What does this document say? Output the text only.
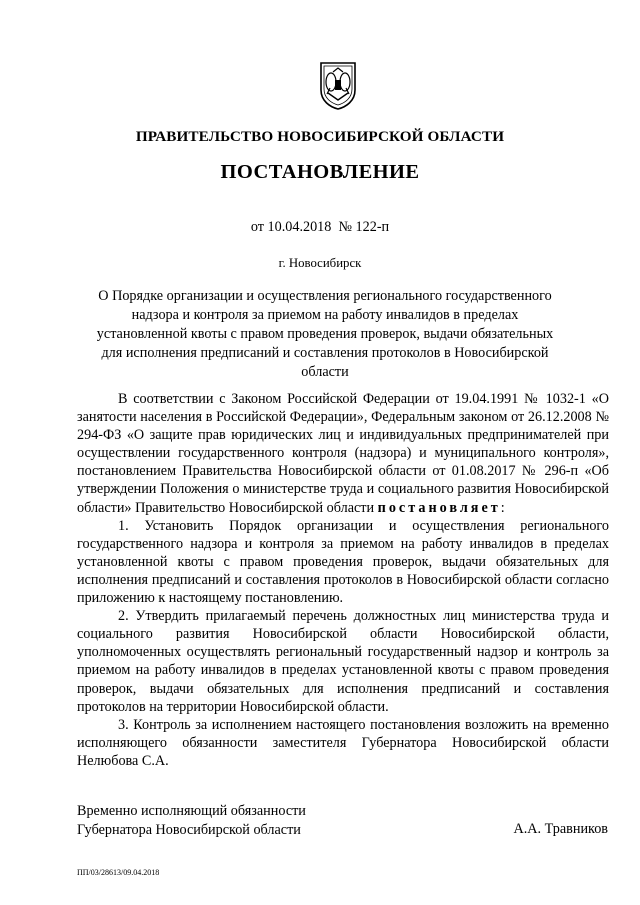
ПРАВИТЕЛЬСТВО НОВОСИБИРСКОЙ ОБЛАСТИ
ПОСТАНОВЛЕНИЕ
от 10.04.2018 № 122-п
г. Новосибирск
О Порядке организации и осуществления регионального государственного надзора и контроля за приемом на работу инвалидов в пределах установленной квоты с правом проведения проверок, выдачи обязательных для исполнения предписаний и составления протоколов в Новосибирской области

В соответствии с Законом Российской Федерации от 19.04.1991 № 1032-1 «О занятости населения в Российской Федерации», Федеральным законом от 26.12.2008 № 294-ФЗ «О защите прав юридических лиц и индивидуальных предпринимателей при осуществлении государственного контроля (надзора) и муниципального контроля», постановлением Правительства Новосибирской области от 01.08.2017 № 296-п «Об утверждении Положения о министерстве труда и социального развития Новосибирской области» Правительство Новосибирской области постановляет:

1. Установить Порядок организации и осуществления регионального государственного надзора и контроля за приемом на работу инвалидов в пределах установленной квоты с правом проведения проверок, выдачи обязательных для исполнения предписаний и составления протоколов в Новосибирской области согласно приложению к настоящему постановлению.

2. Утвердить прилагаемый перечень должностных лиц министерства труда и социального развития Новосибирской области Новосибирской области, уполномоченных осуществлять региональный государственный надзор и контроль за приемом на работу инвалидов в пределах установленной квоты с правом проведения проверок, выдачи обязательных для исполнения предписаний и составления протоколов на территории Новосибирской области.

3. Контроль за исполнением настоящего постановления возложить на временно исполняющего обязанности заместителя Губернатора Новосибирской области Нелюбова С.А.

Временно исполняющий обязанности
Губернатора Новосибирской области	А.А. Травников
ПП/03/28613/09.04.2018
